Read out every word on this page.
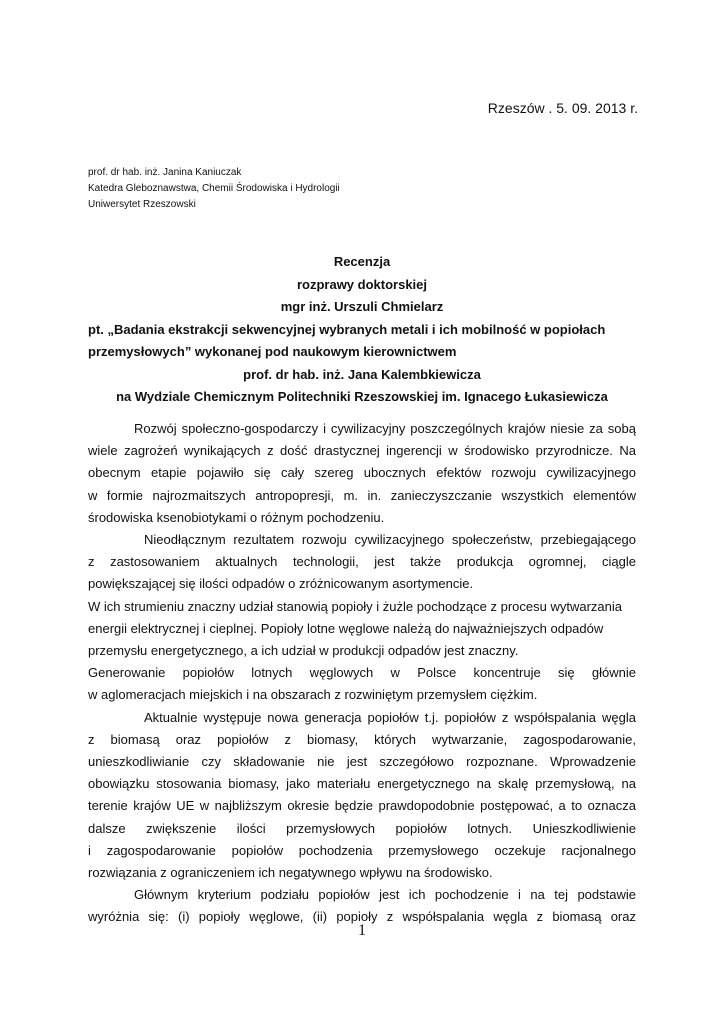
Rzeszów . 5. 09. 2013 r.
prof. dr hab. inż. Janina Kaniuczak
Katedra Gleboznawstwa, Chemii Środowiska i Hydrologii
Uniwersytet Rzeszowski
Recenzja
rozprawy doktorskiej
mgr inż. Urszuli Chmielarz
pt. „Badania ekstrakcji sekwencyjnej wybranych metali i ich mobilność w popiołach
przemysłowych” wykonanej pod naukowym kierownictwem
prof. dr hab. inż. Jana Kalembkiewicza
na Wydziale Chemicznym Politechniki Rzeszowskiej im. Ignacego Łukasiewicza
Rozwój społeczno-gospodarczy i cywilizacyjny poszczególnych krajów niesie za sobą
wiele zagrożeń wynikających z dość drastycznej ingerencji w środowisko przyrodnicze. Na
obecnym etapie pojawiło się cały szereg ubocznych efektów rozwoju cywilizacyjnego
w formie najrozmaitszych antropopresji, m. in. zanieczyszczanie wszystkich elementów
środowiska ksenobiotykami o różnym pochodzeniu.
Nieodłącznym rezultatem rozwoju cywilizacyjnego społeczeństw, przebiegającego
z zastosowaniem aktualnych technologii, jest także produkcja ogromnej, ciągle
powiększającej się ilości odpadów o zróżnicowanym asortymencie.
W ich strumieniu znaczny udział stanowią popioły i żużle pochodzące z procesu wytwarzania
energii elektrycznej i cieplnej. Popioły lotne węglowe należą do najważniejszych odpadów
przemysłu energetycznego, a ich udział w produkcji odpadów jest znaczny.
Generowanie popiołów lotnych węglowych w Polsce koncentruje się głównie
w aglomeracjach miejskich i na obszarach z rozwiniętym przemysłem ciężkim.
Aktualnie występuje nowa generacja popiołów t.j. popiołów z współspalania węgla
z biomasą oraz popiołów z biomasy, których wytwarzanie, zagospodarowanie,
unieszkodliwianie czy składowanie nie jest szczegółowo rozpoznane. Wprowadzenie
obowiązku stosowania biomasy, jako materiału energetycznego na skalę przemysłową, na
terenie krajów UE w najbliższym okresie będzie prawdopodobnie postępować, a to oznacza
dalsze zwiększenie ilości przemysłowych popiołów lotnych. Unieszkodliwienie
i zagospodarowanie popiołów pochodzenia przemysłowego oczekuje racjonalnego
rozwiązania z ograniczeniem ich negatywnego wpływu na środowisko.
Głównym kryterium podziału popiołów jest ich pochodzenie i na tej podstawie
wyróżnia się: (i) popioły węglowe, (ii) popioły z współspalania węgla z biomasą oraz
1
